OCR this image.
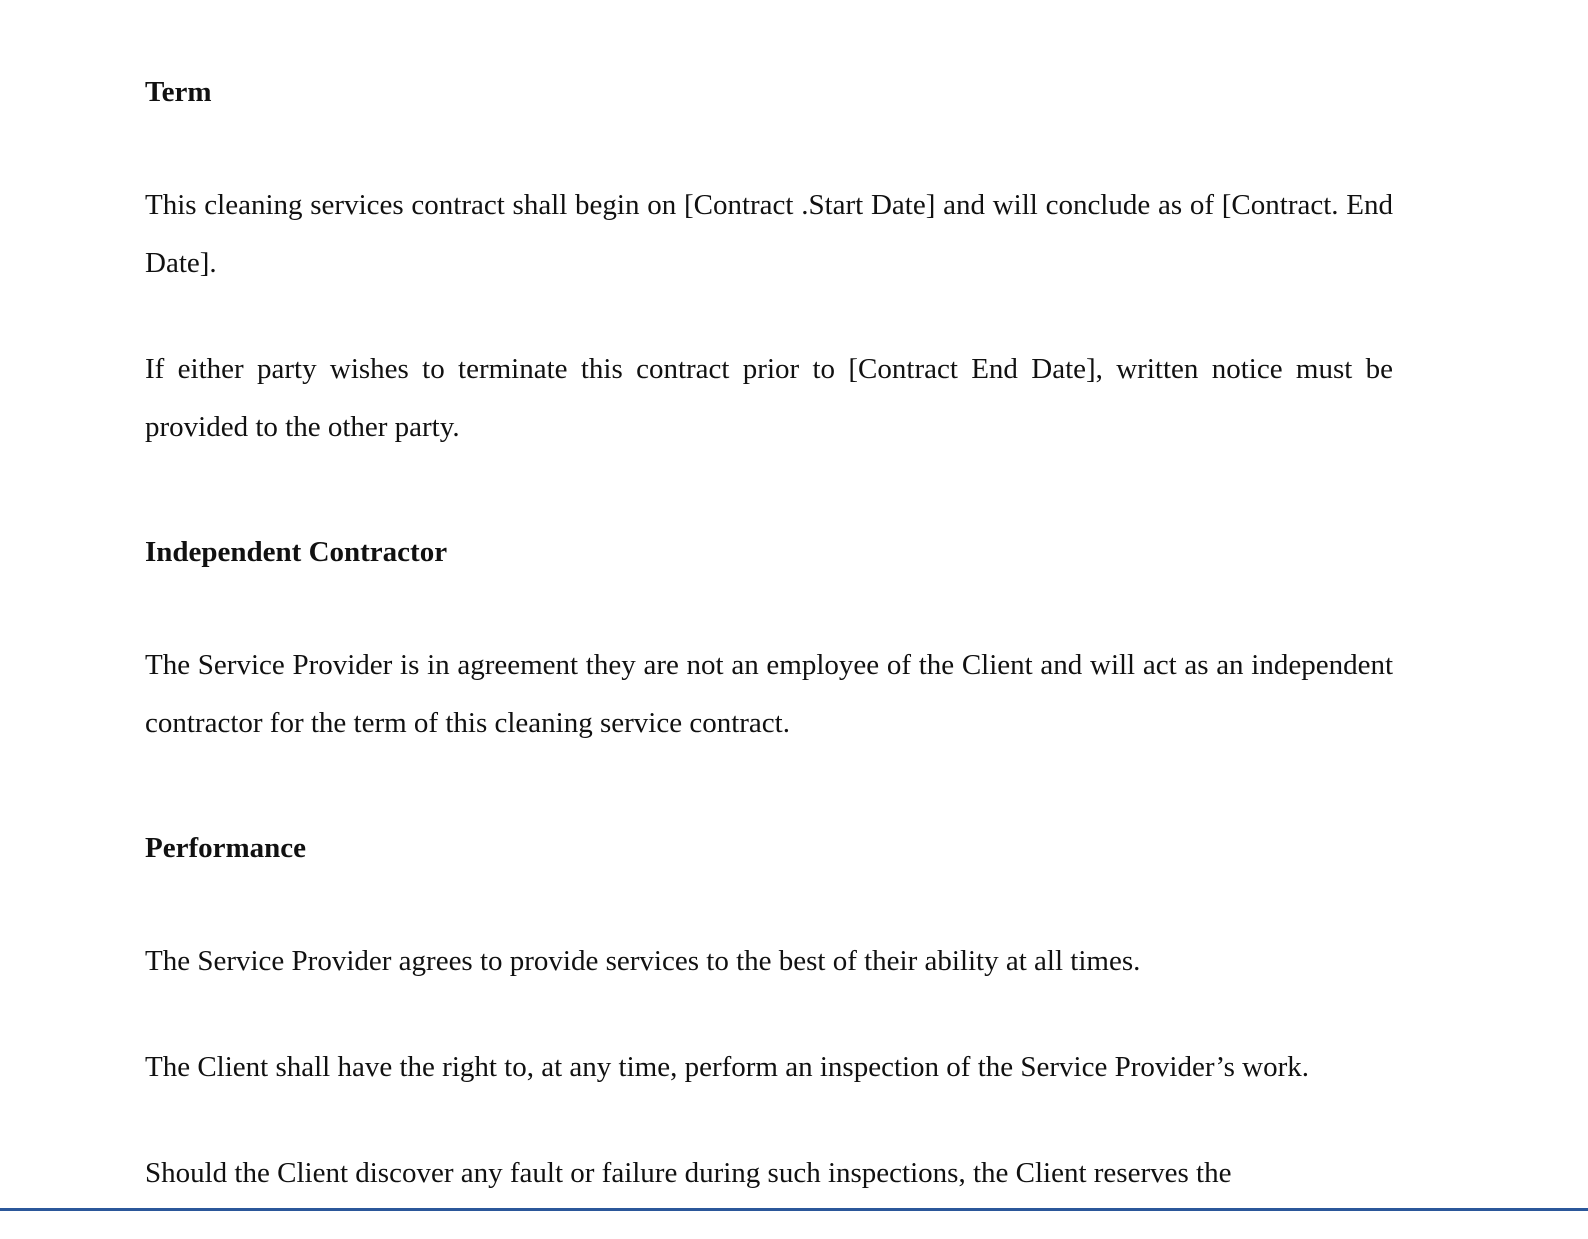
Term

This cleaning services contract shall begin on [Contract .Start Date] and will conclude as of [Contract. End Date].

If either party wishes to terminate this contract prior to [Contract End Date], written notice must be provided to the other party.

Independent Contractor

The Service Provider is in agreement they are not an employee of the Client and will act as an independent contractor for the term of this cleaning service contract.

Performance

The Service Provider agrees to provide services to the best of their ability at all times.

The Client shall have the right to, at any time, perform an inspection of the Service Provider’s work.

Should the Client discover any fault or failure during such inspections, the Client reserves the
